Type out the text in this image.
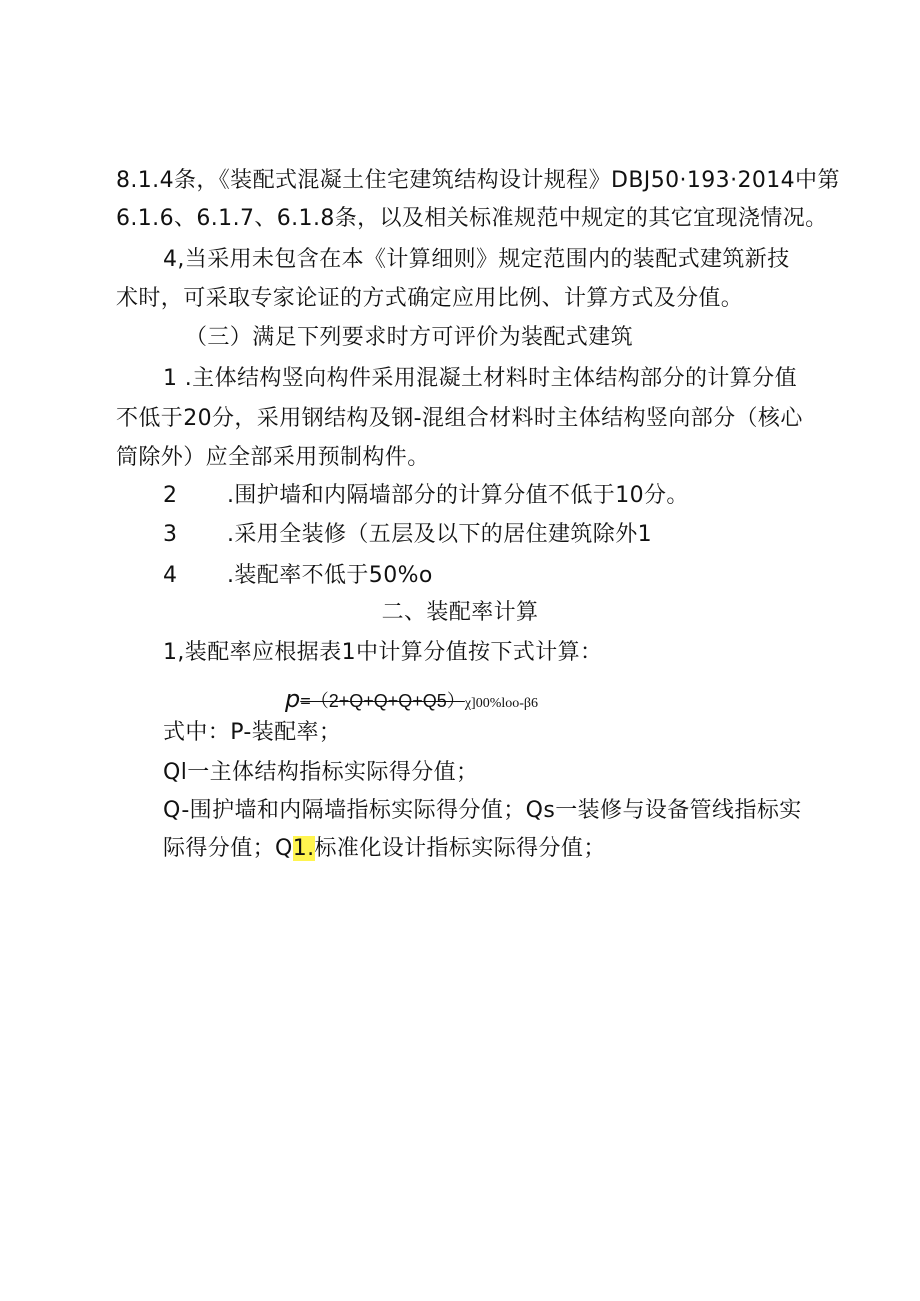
8.1.4条，《装配式混凝土住宅建筑结构设计规程》DBJ50·193·2014中第
6.1.6、6.1.7、6.1.8条，以及相关标准规范中规定的其它宜现浇情况。
4,当采用未包含在本《计算细则》规定范围内的装配式建筑新技
术时，可采取专家论证的方式确定应用比例、计算方式及分值。
（三）满足下列要求时方可评价为装配式建筑
1 .主体结构竖向构件采用混凝土材料时主体结构部分的计算分值
不低于20分，采用钢结构及钢-混组合材料时主体结构竖向部分（核心
筒除外）应全部采用预制构件。
2 .围护墙和内隔墙部分的计算分值不低于10分。
3 .采用全装修（五层及以下的居住建筑除外1
4 .装配率不低于50%o
二、装配率计算
1,装配率应根据表1中计算分值按下式计算：
p=（2+Q+Q+Q+Q5）χ]00%loo-β6
式中：P-装配率；
Ql一主体结构指标实际得分值；
Q-围护墙和内隔墙指标实际得分值；Qs一装修与设备管线指标实
际得分值；Q1.标准化设计指标实际得分值；
